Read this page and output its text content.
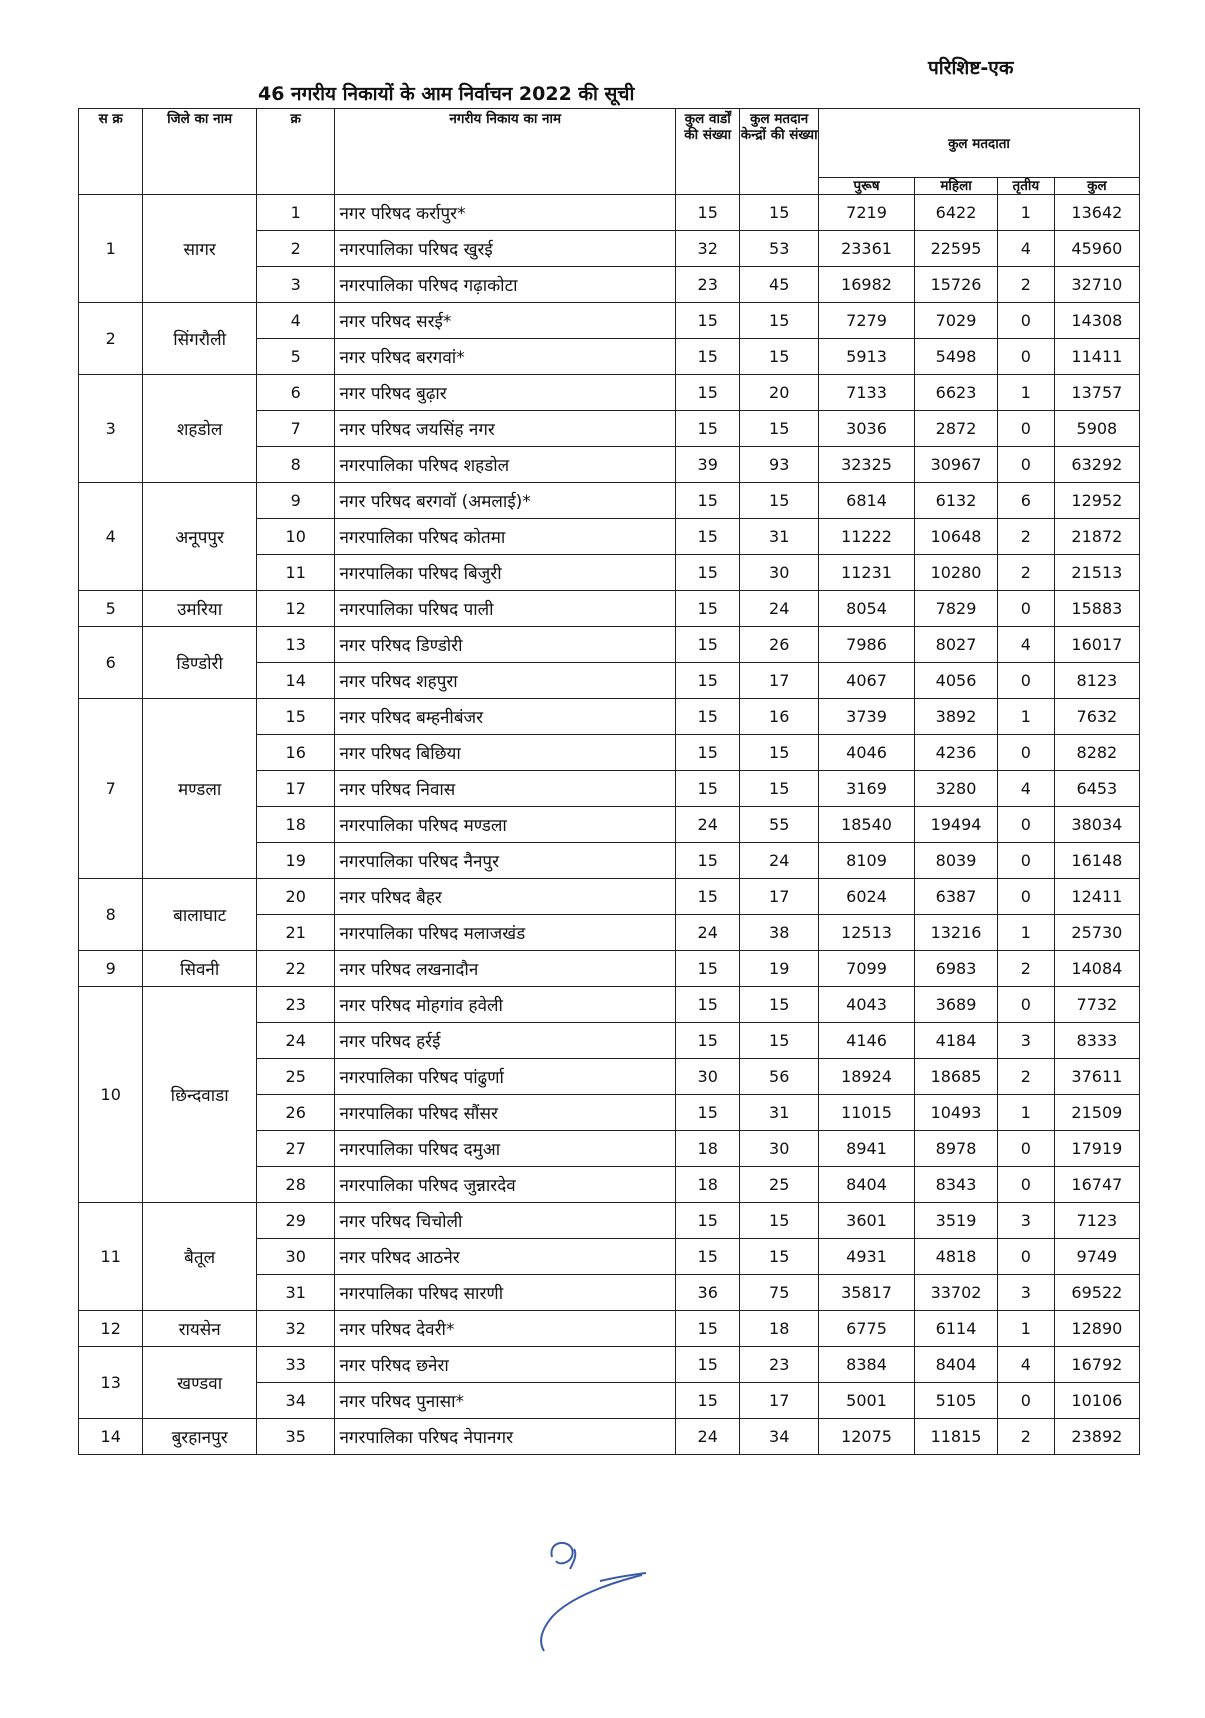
परिशिष्ट-एक
46 नगरीय निकायों के आम निर्वाचन 2022 की सूची
स क्र	जिले का नाम	क्र	नगरीय निकाय का नाम	कुल वार्डों की संख्या	कुल मतदान केन्द्रों की संख्या	कुल मतदाता			
						पुरूष	महिला	तृतीय	कुल
1	सागर	1	नगर परिषद कर्रापुर*	15	15	7219	6422	1	13642
		2	नगरपालिका परिषद खुरई	32	53	23361	22595	4	45960
		3	नगरपालिका परिषद गढ़ाकोटा	23	45	16982	15726	2	32710
2	सिंगरौली	4	नगर परिषद सरई*	15	15	7279	7029	0	14308
		5	नगर परिषद बरगवां*	15	15	5913	5498	0	11411
3	शहडोल	6	नगर परिषद बुढ़ार	15	20	7133	6623	1	13757
		7	नगर परिषद जयसिंह नगर	15	15	3036	2872	0	5908
		8	नगरपालिका परिषद शहडोल	39	93	32325	30967	0	63292
4	अनूपपुर	9	नगर परिषद बरगवॉ (अमलाई)*	15	15	6814	6132	6	12952
		10	नगरपालिका परिषद कोतमा	15	31	11222	10648	2	21872
		11	नगरपालिका परिषद बिजुरी	15	30	11231	10280	2	21513
5	उमरिया	12	नगरपालिका परिषद पाली	15	24	8054	7829	0	15883
6	डिण्डोरी	13	नगर परिषद डिण्डोरी	15	26	7986	8027	4	16017
		14	नगर परिषद शहपुरा	15	17	4067	4056	0	8123
7	मण्डला	15	नगर परिषद बम्हनीबंजर	15	16	3739	3892	1	7632
		16	नगर परिषद बिछिया	15	15	4046	4236	0	8282
		17	नगर परिषद निवास	15	15	3169	3280	4	6453
		18	नगरपालिका परिषद मण्डला	24	55	18540	19494	0	38034
		19	नगरपालिका परिषद नैनपुर	15	24	8109	8039	0	16148
8	बालाघाट	20	नगर परिषद बैहर	15	17	6024	6387	0	12411
		21	नगरपालिका परिषद मलाजखंड	24	38	12513	13216	1	25730
9	सिवनी	22	नगर परिषद लखनादौन	15	19	7099	6983	2	14084
10	छिन्दवाडा	23	नगर परिषद मोहगांव हवेली	15	15	4043	3689	0	7732
		24	नगर परिषद हर्रई	15	15	4146	4184	3	8333
		25	नगरपालिका परिषद पांढुर्णा	30	56	18924	18685	2	37611
		26	नगरपालिका परिषद सौंसर	15	31	11015	10493	1	21509
		27	नगरपालिका परिषद दमुआ	18	30	8941	8978	0	17919
		28	नगरपालिका परिषद जुन्नारदेव	18	25	8404	8343	0	16747
11	बैतूल	29	नगर परिषद चिचोली	15	15	3601	3519	3	7123
		30	नगर परिषद आठनेर	15	15	4931	4818	0	9749
		31	नगरपालिका परिषद सारणी	36	75	35817	33702	3	69522
12	रायसेन	32	नगर परिषद देवरी*	15	18	6775	6114	1	12890
13	खण्डवा	33	नगर परिषद छनेरा	15	23	8384	8404	4	16792
		34	नगर परिषद पुनासा*	15	17	5001	5105	0	10106
14	बुरहानपुर	35	नगरपालिका परिषद नेपानगर	24	34	12075	11815	2	23892
